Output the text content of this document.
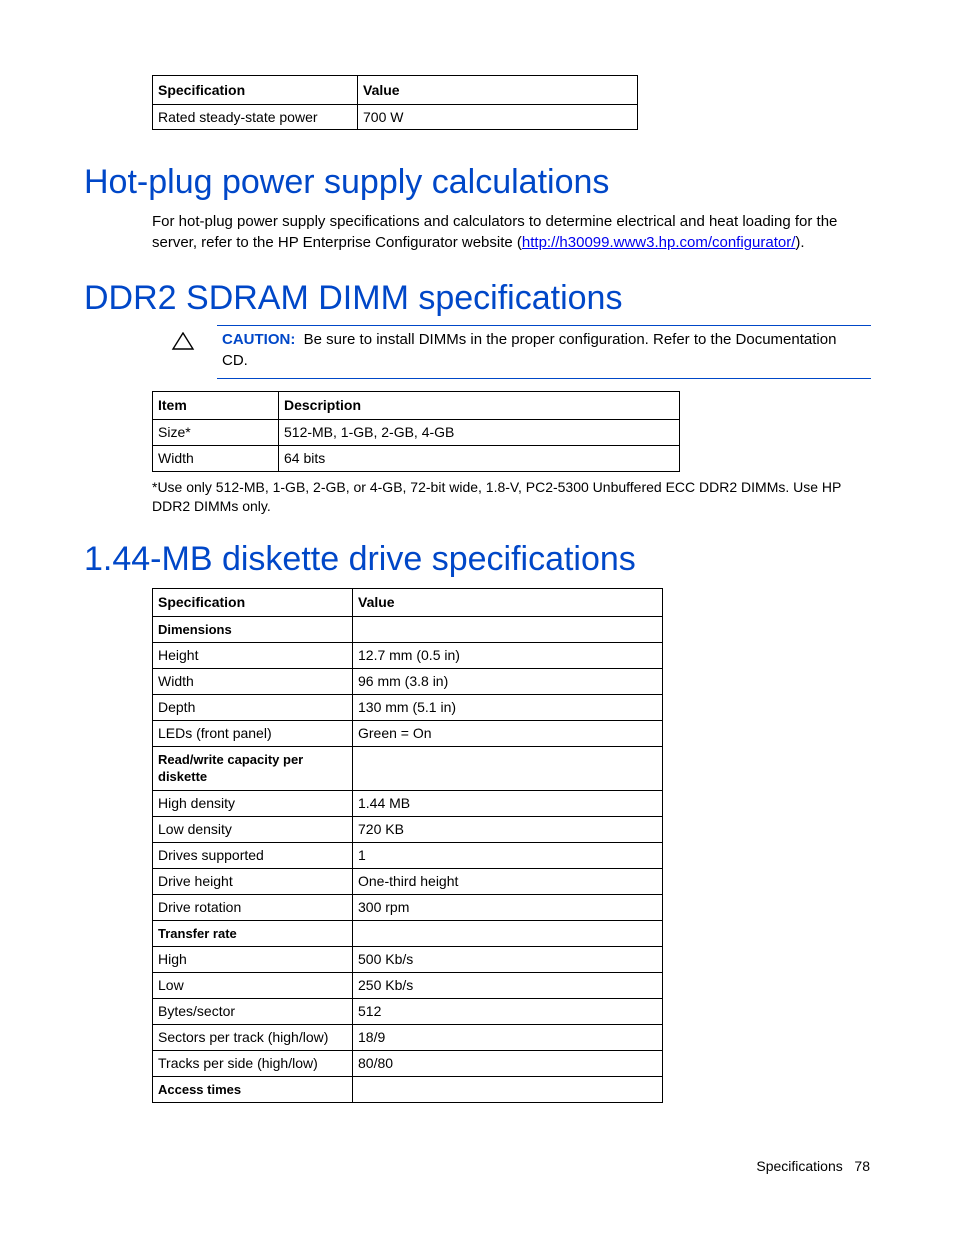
Specification	Value
Rated steady-state power	700 W
Hot-plug power supply calculations

For hot-plug power supply specifications and calculators to determine electrical and heat loading for the server, refer to the HP Enterprise Configurator website (http://h30099.www3.hp.com/configurator/).

DDR2 SDRAM DIMM specifications

CAUTION: Be sure to install DIMMs in the proper configuration. Refer to the Documentation CD.

Item	Description
Size*	512-MB, 1-GB, 2-GB, 4-GB
Width	64 bits

*Use only 512-MB, 1-GB, 2-GB, or 4-GB, 72-bit wide, 1.8-V, PC2-5300 Unbuffered ECC DDR2 DIMMs. Use HP DDR2 DIMMs only.

1.44-MB diskette drive specifications
Specification	Value
Dimensions	
Height	12.7 mm (0.5 in)
Width	96 mm (3.8 in)
Depth	130 mm (5.1 in)
LEDs (front panel)	Green = On
Read/write capacity per diskette	
High density	1.44 MB
Low density	720 KB
Drives supported	1
Drive height	One-third height
Drive rotation	300 rpm
Transfer rate	
High	500 Kb/s
Low	250 Kb/s
Bytes/sector	512
Sectors per track (high/low)	18/9
Tracks per side (high/low)	80/80
Access times	
Specifications 78
